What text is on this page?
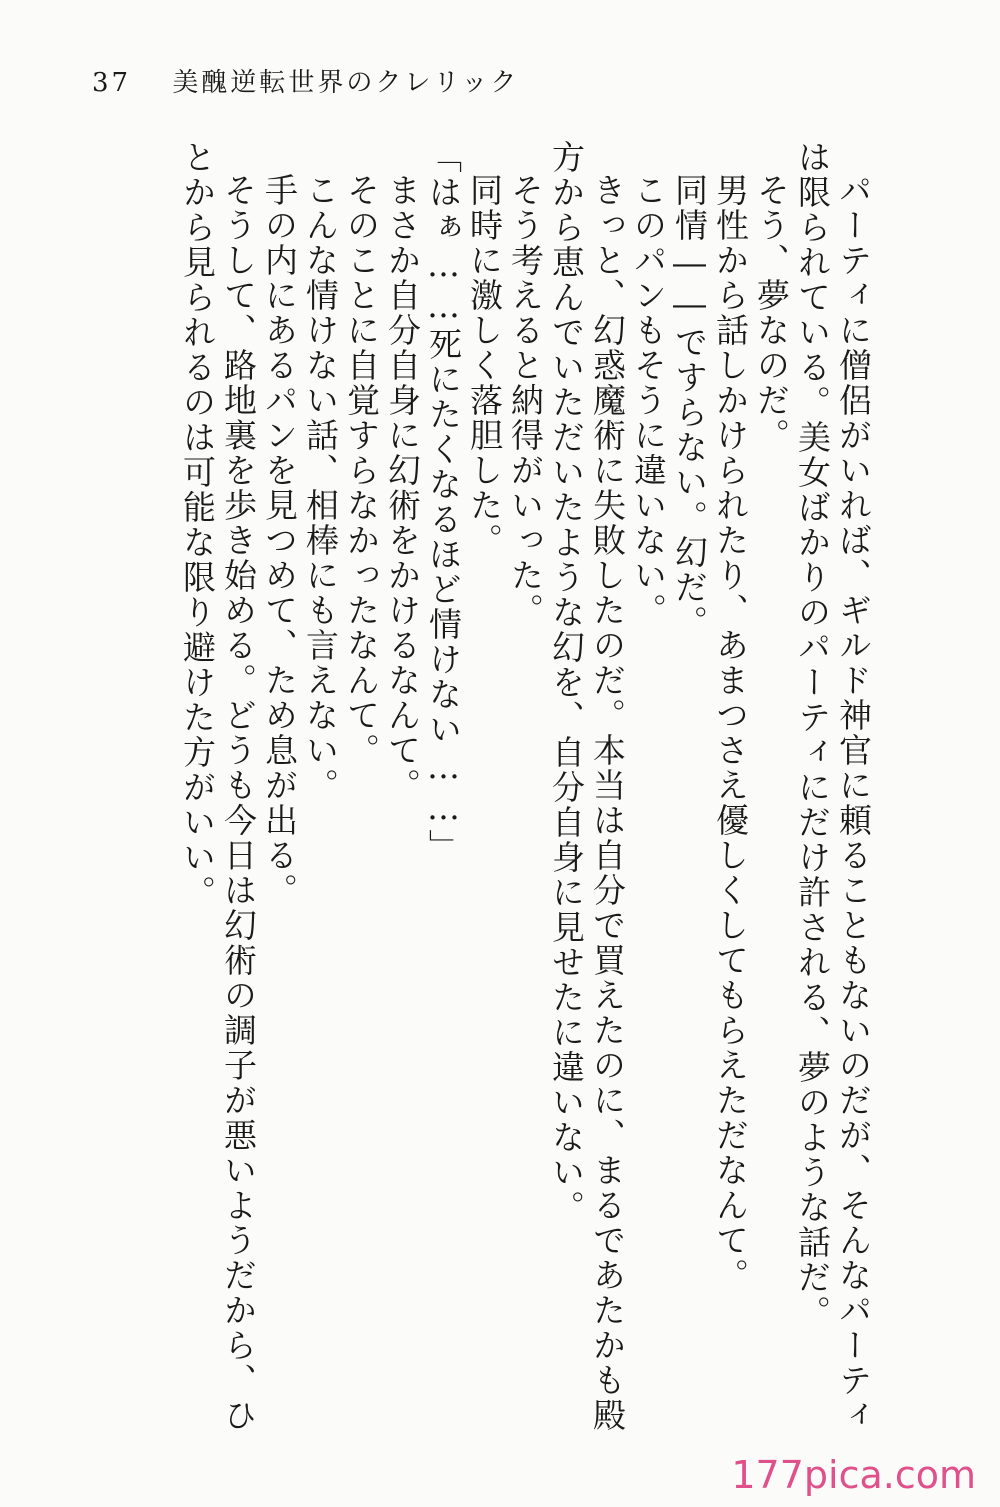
37 美醜逆転世界のクレリック

パーティに僧侶がいれば、ギルド神官に頼ることもないのだが、そんなパーティは限られている。美女ばかりのパーティにだけ許される、夢のような話だ。

そう、夢なのだ。

男性から話しかけられたり、あまつさえ優しくしてもらえただなんて。

同情――ですらない。幻だ。

このパンもそうに違いない。

きっと、幻惑魔術に失敗したのだ。本当は自分で買えたのに、まるであたかも殿方から恵んでいただいたような幻を、自分自身に見せたに違いない。

そう考えると納得がいった。

同時に激しく落胆した。

「はぁ……死にたくなるほど情けない……」

まさか自分自身に幻術をかけるなんて。

そのことに自覚すらなかったなんて。

こんな情けない話、相棒にも言えない。

手の内にあるパンを見つめて、ため息が出る。

そうして、路地裏を歩き始める。どうも今日は幻術の調子が悪いようだから、ひとから見られるのは可能な限り避けた方がいい。

177pica.com
